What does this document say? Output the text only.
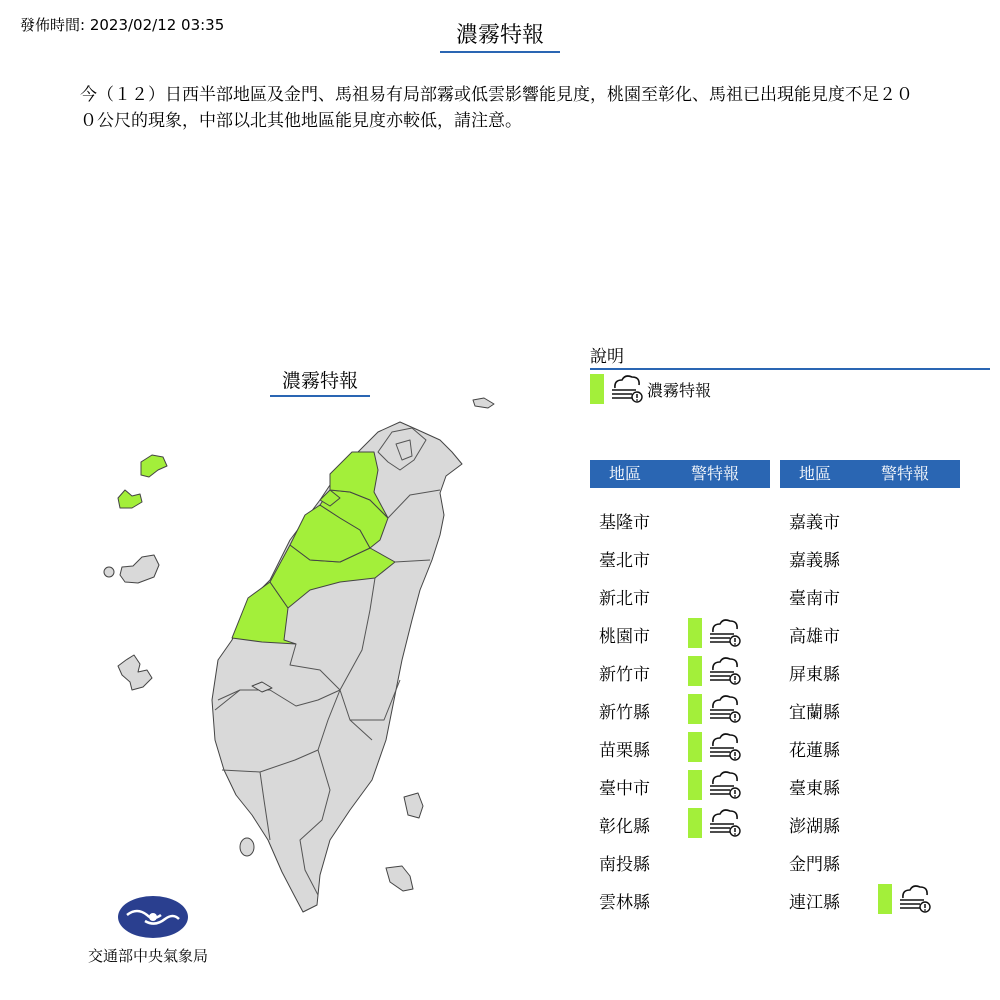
發佈時間: 2023/02/12 03:35	濃霧特報
今（１２）日西半部地區及金門、馬祖易有局部霧或低雲影響能見度，桃園至彰化、馬祖已出現能見度不足２００公尺的現象，中部以北其他地區能見度亦較低，請注意。
濃霧特報
說明
濃霧特報
地區	警特報
基隆市
臺北市
新北市
桃園市
新竹市
新竹縣
苗栗縣
臺中市
彰化縣
南投縣
雲林縣
地區	警特報
嘉義市
嘉義縣
臺南市
高雄市
屏東縣
宜蘭縣
花蓮縣
臺東縣
澎湖縣
金門縣
連江縣
交通部中央氣象局
